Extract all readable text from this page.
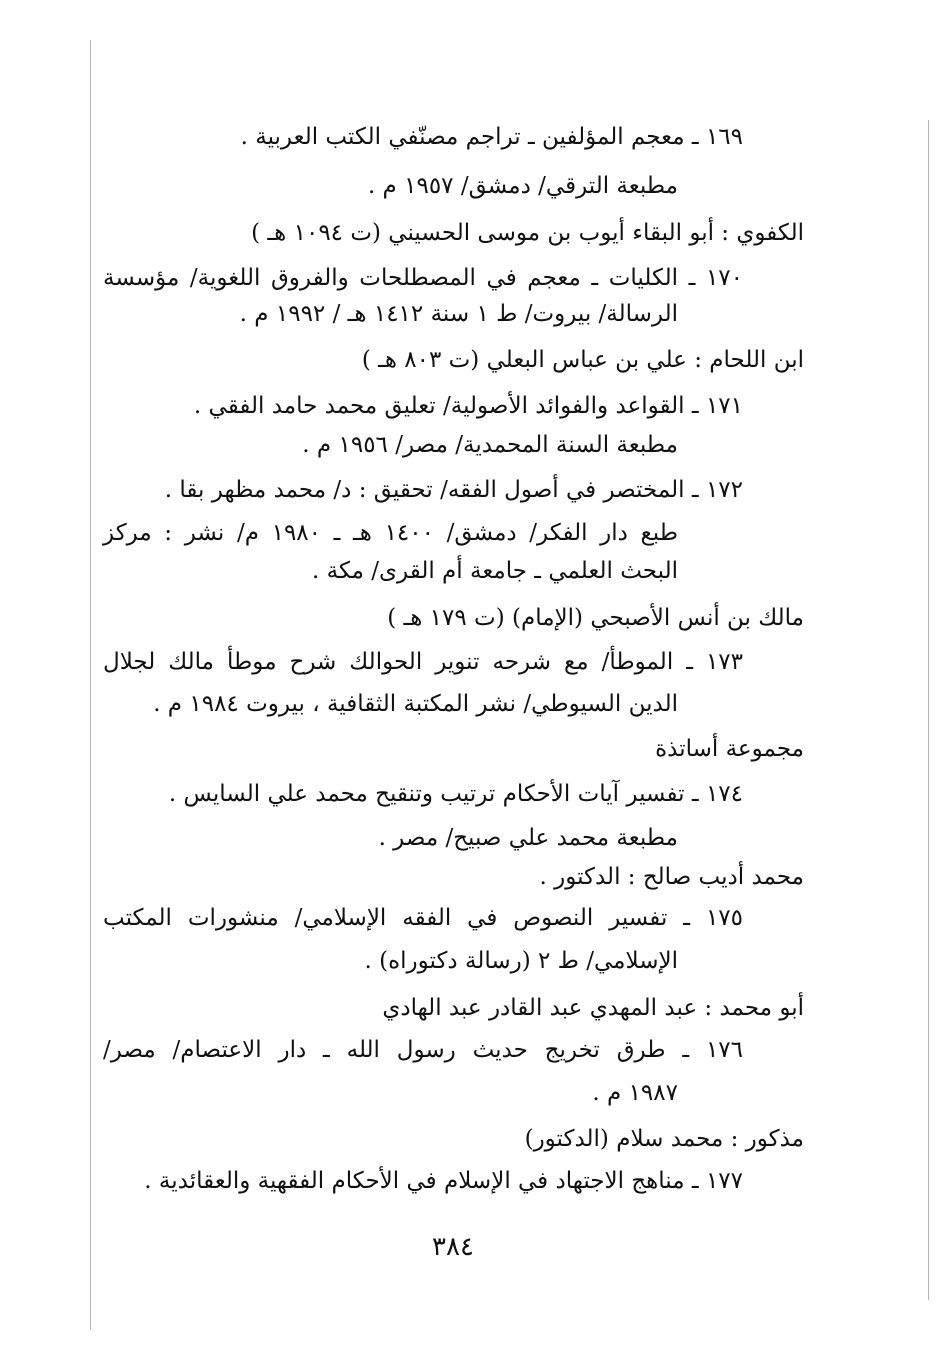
١٦٩ ـ معجم المؤلفين ـ تراجم مصنّفي الكتب العربية .
مطبعة الترقي/ دمشق/ ١٩٥٧ م .
الكفوي : أبو البقاء أيوب بن موسى الحسيني (ت ١٠٩٤ هـ )
١٧٠ ـ الكليات ـ معجم في المصطلحات والفروق اللغوية/ مؤسسة
الرسالة/ بيروت/ ط ١ سنة ١٤١٢ هـ / ١٩٩٢ م .
ابن اللحام : علي بن عباس البعلي (ت ٨٠٣ هـ )
١٧١ ـ القواعد والفوائد الأصولية/ تعليق محمد حامد الفقي .
مطبعة السنة المحمدية/ مصر/ ١٩٥٦ م .
١٧٢ ـ المختصر في أصول الفقه/ تحقيق : د/ محمد مظهر بقا .
طبع دار الفكر/ دمشق/ ١٤٠٠ هـ ـ ١٩٨٠ م/ نشر : مركز
البحث العلمي ـ جامعة أم القرى/ مكة .
مالك بن أنس الأصبحي (الإمام) (ت ١٧٩ هـ )
١٧٣ ـ الموطأ/ مع شرحه تنوير الحوالك شرح موطأ مالك لجلال
الدين السيوطي/ نشر المكتبة الثقافية ، بيروت ١٩٨٤ م .
مجموعة أساتذة
١٧٤ ـ تفسير آيات الأحكام ترتيب وتنقيح محمد علي السايس .
مطبعة محمد علي صبيح/ مصر .
محمد أديب صالح : الدكتور .
١٧٥ ـ تفسير النصوص في الفقه الإسلامي/ منشورات المكتب
الإسلامي/ ط ٢ (رسالة دكتوراه) .
أبو محمد : عبد المهدي عبد القادر عبد الهادي
١٧٦ ـ طرق تخريج حديث رسول الله ـ دار الاعتصام/ مصر/
١٩٨٧ م .
مذكور : محمد سلام (الدكتور)
١٧٧ ـ مناهج الاجتهاد في الإسلام في الأحكام الفقهية والعقائدية .
٣٨٤
